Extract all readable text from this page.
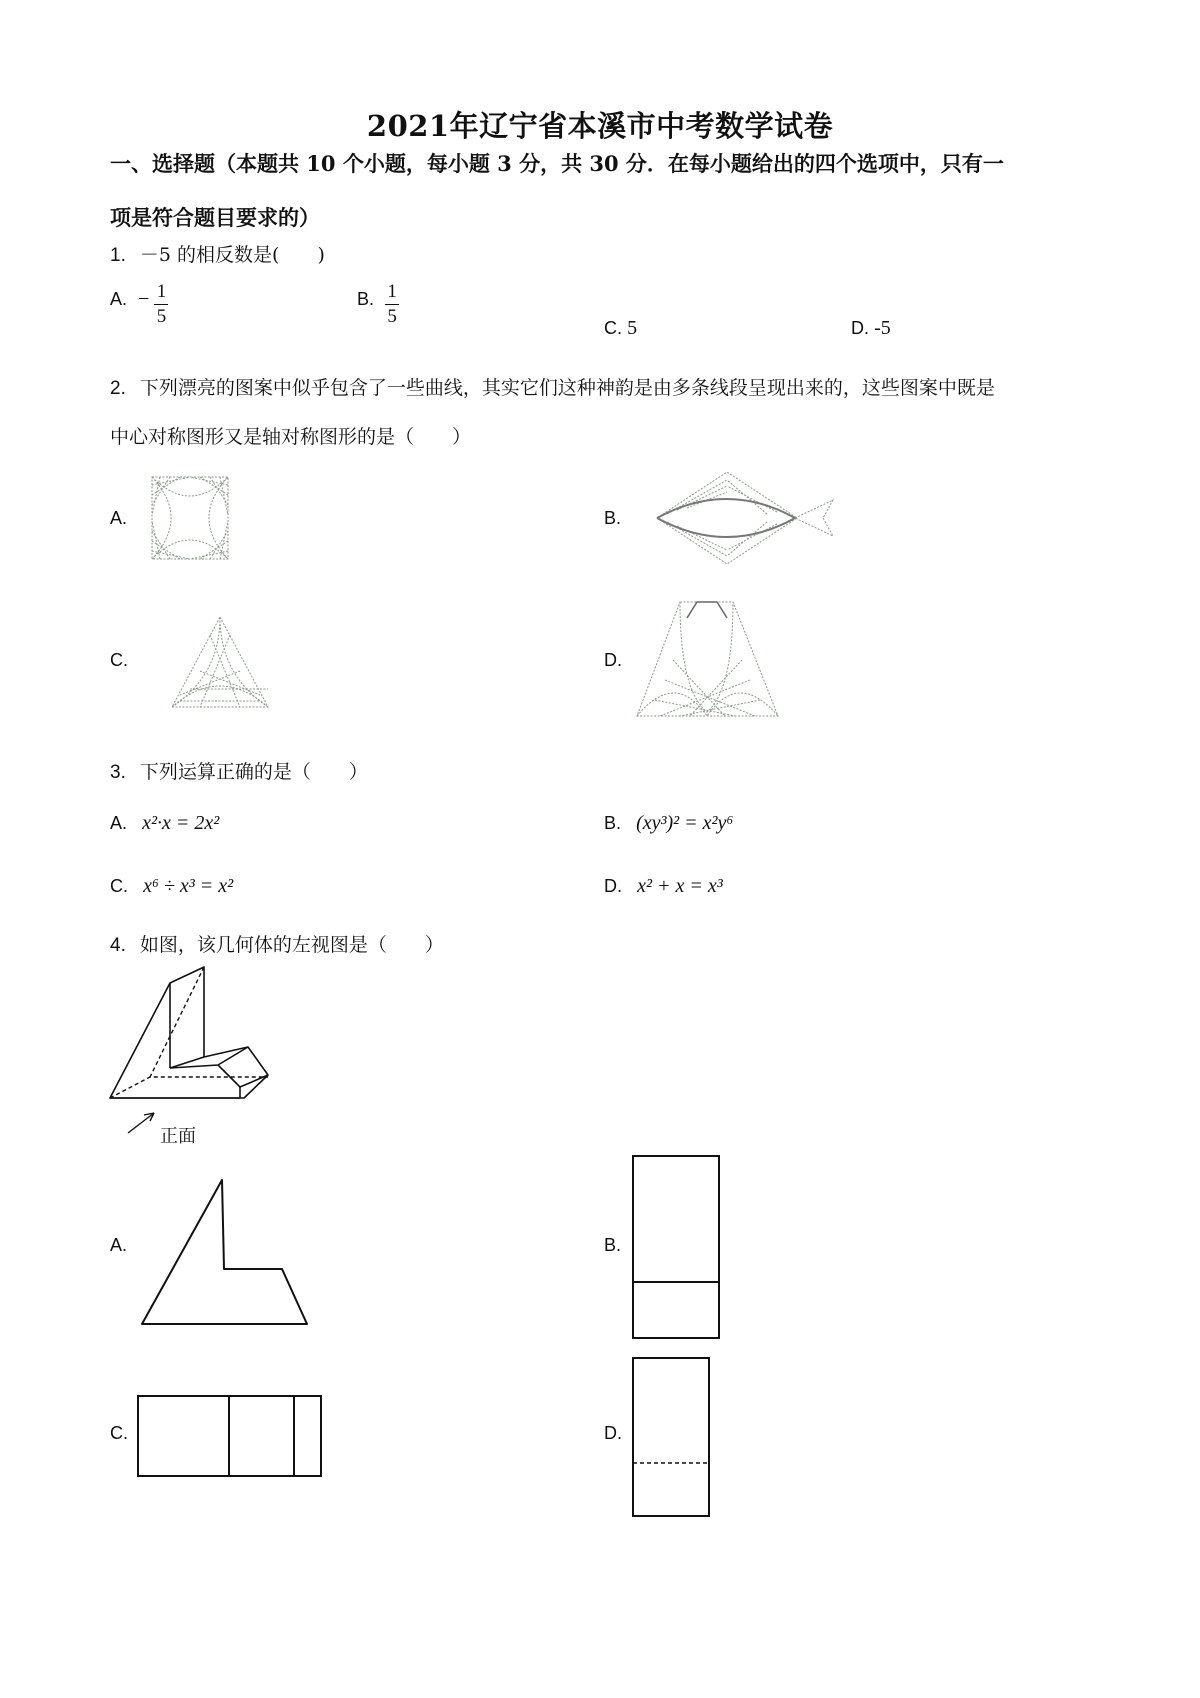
2021年辽宁省本溪市中考数学试卷
一、选择题（本题共 10 个小题，每小题 3 分，共 30 分．在每小题给出的四个选项中，只有一
项是符合题目要求的）
1. －5 的相反数是(　　)
A. − $\frac{1}{5}$	B. $\frac{1}{5}$	C. 5	D. -5
2. 下列漂亮的图案中似乎包含了一些曲线，其实它们这种神韵是由多条线段呈现出来的，这些图案中既是
中心对称图形又是轴对称图形的是（　　）
A.	B.
C.	D.
3. 下列运算正确的是（　　）
A. x²·x = 2x²	B. (xy³)² = x²y⁶
C. x⁶ ÷ x³ = x²	D. x² + x = x³
4. 如图，该几何体的左视图是（　　）
正面
A.	B.
C.	D.
